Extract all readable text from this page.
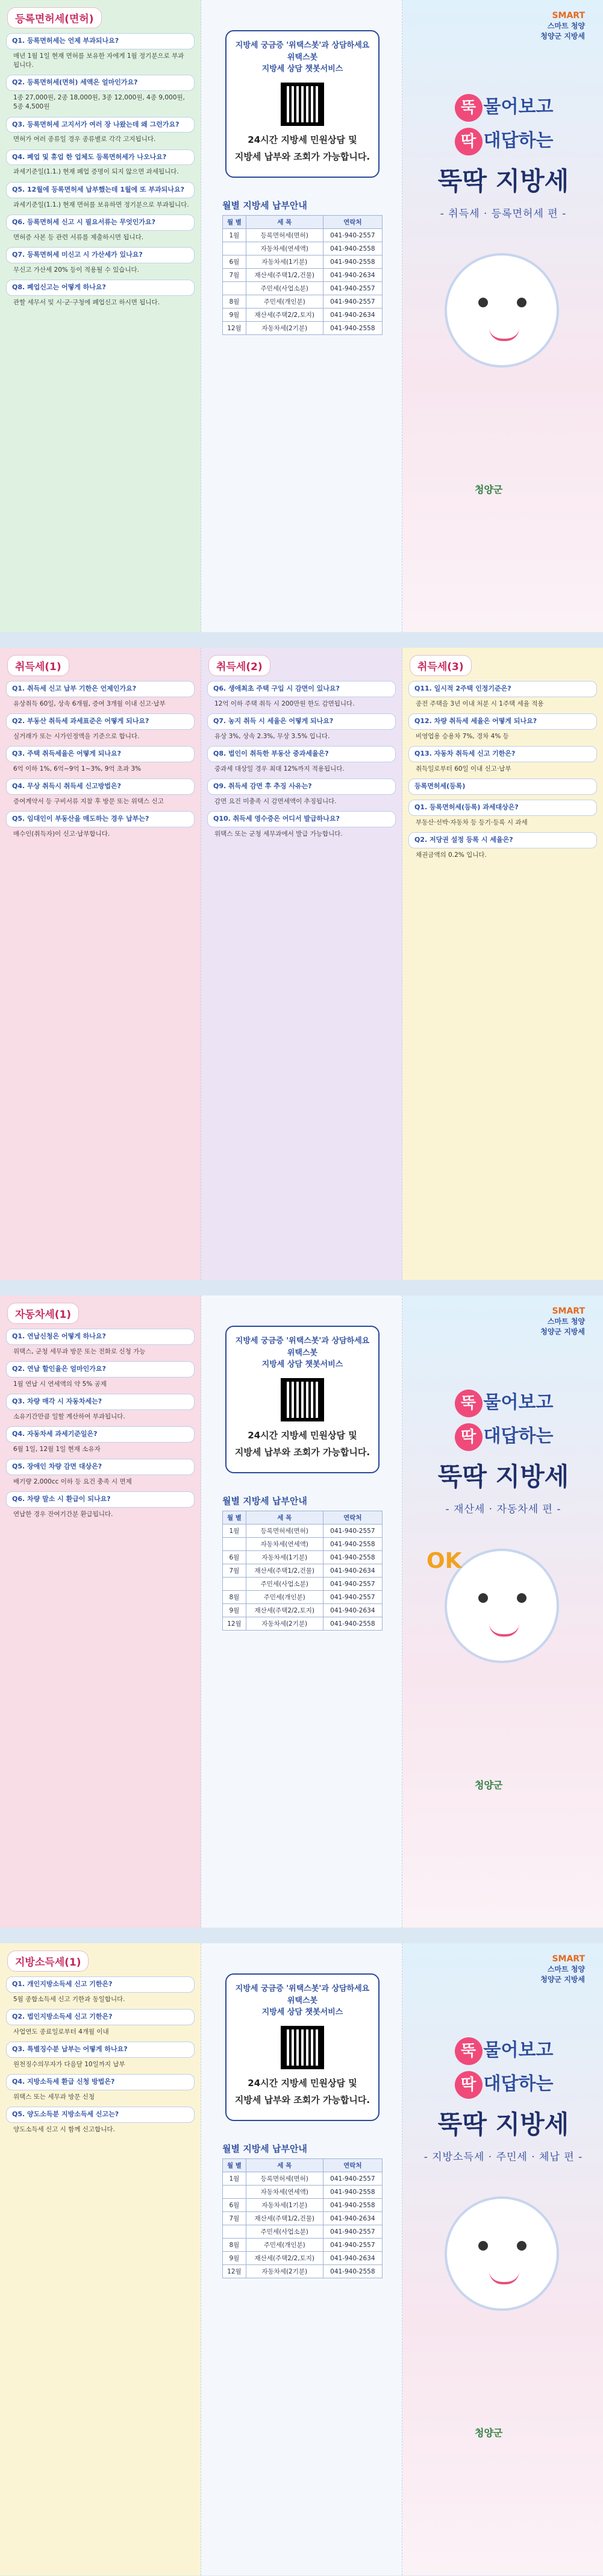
등록면허세(면허)
Q1. 등록면허세는 언제 부과되나요?
매년 1월 1일 현재 면허를 보유한 자에게 1월 정기분으로 부과됩니다.
Q2. 등록면허세(면허) 세액은 얼마인가요?
1종 27,000원, 2종 18,000원, 3종 12,000원, 4종 9,000원, 5종 4,500원
Q3. 등록면허세 고지서가 여러 장 나왔는데 왜 그런가요?
면허가 여러 종류일 경우 종류별로 각각 고지됩니다.
Q4. 폐업 및 휴업 한 업체도 등록면허세가 나오나요?
과세기준일(1.1.) 현재 폐업 증명이 되지 않으면 과세됩니다.
Q5. 12월에 등록면허세 납부했는데 1월에 또 부과되나요?
과세기준일(1.1.) 현재 면허를 보유하면 정기분으로 부과됩니다.
Q6. 등록면허세 신고 시 필요서류는 무엇인가요?
면허증 사본 등 관련 서류를 제출하시면 됩니다.
Q7. 등록면허세 미신고 시 가산세가 있나요?
무신고 가산세 20% 등이 적용될 수 있습니다.
Q8. 폐업신고는 어떻게 하나요?
관할 세무서 및 시·군·구청에 폐업신고 하시면 됩니다.
지방세 궁금증 '위택스봇'과 상담하세요
위택스봇
지방세 상담 챗봇서비스
24시간 지방세 민원상담 및
지방세 납부와 조회가 가능합니다.
월별 지방세 납부안내
월 별	세 목	연락처
1월	등록면허세(면허)	041-940-2557
	자동차세(연세액)	041-940-2558
6월	자동차세(1기분)	041-940-2558
7월	재산세(주택1/2,건물)	041-940-2634
	주민세(사업소분)	041-940-2557
8월	주민세(개인분)	041-940-2557
9월	재산세(주택2/2,토지)	041-940-2634
12월	자동차세(2기분)	041-940-2558
SMART
스마트 청양
청양군 지방세
뚝 물어보고
딱 대답하는
뚝딱 지방세
- 취득세 · 등록면허세 편 -
청양군
취득세(1)
Q1. 취득세 신고 납부 기한은 언제인가요?
유상취득 60일, 상속 6개월, 증여 3개월 이내 신고·납부
Q2. 부동산 취득세 과세표준은 어떻게 되나요?
실거래가 또는 시가인정액을 기준으로 합니다.
Q3. 주택 취득세율은 어떻게 되나요?
6억 이하 1%, 6억~9억 1~3%, 9억 초과 3%
Q4. 무상 취득시 취득세 신고방법은?
증여계약서 등 구비서류 지참 후 방문 또는 위택스 신고
Q5. 임대인이 부동산을 매도하는 경우 납부는?
매수인(취득자)이 신고·납부합니다.
취득세(2)
Q6. 생애최초 주택 구입 시 감면이 있나요?
12억 이하 주택 취득 시 200만원 한도 감면됩니다.
Q7. 농지 취득 시 세율은 어떻게 되나요?
유상 3%, 상속 2.3%, 무상 3.5% 입니다.
Q8. 법인이 취득한 부동산 중과세율은?
중과세 대상일 경우 최대 12%까지 적용됩니다.
Q9. 취득세 감면 후 추징 사유는?
감면 요건 미충족 시 감면세액이 추징됩니다.
Q10. 취득세 영수증은 어디서 발급하나요?
위택스 또는 군청 세무과에서 발급 가능합니다.
취득세(3)
Q11. 일시적 2주택 인정기준은?
종전 주택을 3년 이내 처분 시 1주택 세율 적용
Q12. 차량 취득세 세율은 어떻게 되나요?
비영업용 승용차 7%, 경차 4% 등
Q13. 자동차 취득세 신고 기한은?
취득일로부터 60일 이내 신고·납부
등록면허세(등록)
Q1. 등록면허세(등록) 과세대상은?
부동산·선박·자동차 등 등기·등록 시 과세
Q2. 저당권 설정 등록 시 세율은?
채권금액의 0.2% 입니다.
자동차세(1)
Q1. 연납신청은 어떻게 하나요?
위택스, 군청 세무과 방문 또는 전화로 신청 가능
Q2. 연납 할인율은 얼마인가요?
1월 연납 시 연세액의 약 5% 공제
Q3. 차량 매각 시 자동차세는?
소유기간만큼 일할 계산하여 부과됩니다.
Q4. 자동차세 과세기준일은?
6월 1일, 12월 1일 현재 소유자
Q5. 장애인 차량 감면 대상은?
배기량 2,000cc 이하 등 요건 충족 시 면제
Q6. 차량 말소 시 환급이 되나요?
연납한 경우 잔여기간분 환급됩니다.
지방세 궁금증 '위택스봇'과 상담하세요
위택스봇
지방세 상담 챗봇서비스
24시간 지방세 민원상담 및
지방세 납부와 조회가 가능합니다.
월별 지방세 납부안내
월 별	세 목	연락처
1월	등록면허세(면허)	041-940-2557
	자동차세(연세액)	041-940-2558
6월	자동차세(1기분)	041-940-2558
7월	재산세(주택1/2,건물)	041-940-2634
	주민세(사업소분)	041-940-2557
8월	주민세(개인분)	041-940-2557
9월	재산세(주택2/2,토지)	041-940-2634
12월	자동차세(2기분)	041-940-2558
SMART
스마트 청양
청양군 지방세
뚝 물어보고
딱 대답하는
뚝딱 지방세
- 재산세 · 자동차세 편 -
OK
청양군
지방소득세(1)
Q1. 개인지방소득세 신고 기한은?
5월 종합소득세 신고 기한과 동일합니다.
Q2. 법인지방소득세 신고 기한은?
사업연도 종료일로부터 4개월 이내
Q3. 특별징수분 납부는 어떻게 하나요?
원천징수의무자가 다음달 10일까지 납부
Q4. 지방소득세 환급 신청 방법은?
위택스 또는 세무과 방문 신청
Q5. 양도소득분 지방소득세 신고는?
양도소득세 신고 시 함께 신고합니다.
지방세 궁금증 '위택스봇'과 상담하세요
위택스봇
지방세 상담 챗봇서비스
24시간 지방세 민원상담 및
지방세 납부와 조회가 가능합니다.
월별 지방세 납부안내
월 별	세 목	연락처
1월	등록면허세(면허)	041-940-2557
	자동차세(연세액)	041-940-2558
6월	자동차세(1기분)	041-940-2558
7월	재산세(주택1/2,건물)	041-940-2634
	주민세(사업소분)	041-940-2557
8월	주민세(개인분)	041-940-2557
9월	재산세(주택2/2,토지)	041-940-2634
12월	자동차세(2기분)	041-940-2558
SMART
스마트 청양
청양군 지방세
뚝 물어보고
딱 대답하는
뚝딱 지방세
- 지방소득세 · 주민세 · 체납 편 -
청양군
